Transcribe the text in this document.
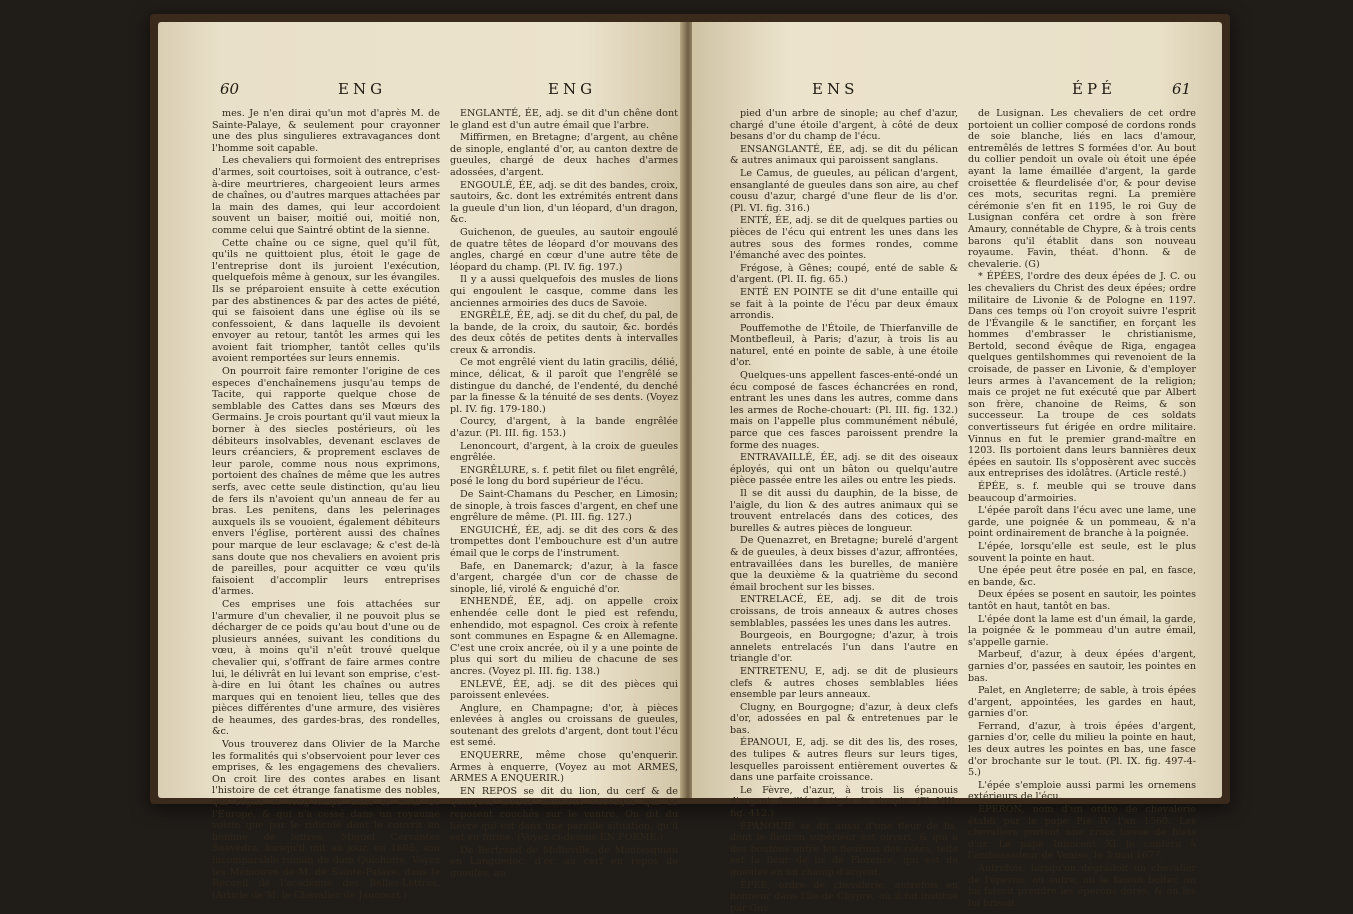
60	ENG	ENG

mes. Je n'en dirai qu'un mot d'après M. de Sainte-Palaye, & seulement pour crayonner une des plus singulieres extravagances dont l'homme soit capable.

Les chevaliers qui formoient des entreprises d'armes, soit courtoises, soit à outrance, c'est-à-dire meurtrieres, chargeoient leurs armes de chaînes, ou d'autres marques attachées par la main des dames, qui leur accordoient souvent un baiser, moitié oui, moitié non, comme celui que Saintré obtint de la sienne.

Cette chaîne ou ce signe, quel qu'il fût, qu'ils ne quittoient plus, étoit le gage de l'entreprise dont ils juroient l'exécution, quelquefois même à genoux, sur les évangiles. Ils se préparoient ensuite à cette exécution par des abstinences & par des actes de piété, qui se faisoient dans une église où ils se confessoient, & dans laquelle ils devoient envoyer au retour, tantôt les armes qui les avoient fait triompher, tantôt celles qu'ils avoient remportées sur leurs ennemis.

On pourroit faire remonter l'origine de ces especes d'enchaînemens jusqu'au temps de Tacite, qui rapporte quelque chose de semblable des Cattes dans ses Mœurs des Germains. Je crois pourtant qu'il vaut mieux la borner à des siecles postérieurs, où les débiteurs insolvables, devenant esclaves de leurs créanciers, & proprement esclaves de leur parole, comme nous nous exprimons, portoient des chaînes de même que les autres serfs, avec cette seule distinction, qu'au lieu de fers ils n'avoient qu'un anneau de fer au bras. Les penitens, dans les pelerinages auxquels ils se vouoient, également débiteurs envers l'église, portèrent aussi des chaînes pour marque de leur esclavage; & c'est de-là sans doute que nos chevaliers en avoient pris de pareilles, pour acquitter ce vœu qu'ils faisoient d'accomplir leurs entreprises d'armes.

Ces emprises une fois attachées sur l'armure d'un chevalier, il ne pouvoit plus se décharger de ce poids qu'au bout d'une ou de plusieurs années, suivant les conditions du vœu, à moins qu'il n'eût trouvé quelque chevalier qui, s'offrant de faire armes contre lui, le délivrât en lui levant son emprise, c'est-à-dire en lui ôtant les chaînes ou autres marques qui en tenoient lieu, telles que des pièces différentes d'une armure, des visières de heaumes, des gardes-bras, des rondelles, &c.

Vous trouverez dans Olivier de la Marche les formalités qui s'observoient pour lever ces emprises, & les engagemens des chevaliers. On croit lire des contes arabes en lisant l'histoire de cet étrange fanatisme des nobles, qui régna si long-temps dans le midi de l'Europe, & qui n'a cessé dans un royaume voisin que par le ridicule dont le couvrit un homme de lettres, Miguel Cervantes Saavedra, lorsqu'il mit au jour, en 1605, son incomparable roman de dom Quichotte. Voyez les Mémoires de M. de Sainte-Palaye, dans le Recueil de l'académie des Belles-Lettres. (Article de M. le Chevalier de Jaucourt.)

ENGLANTÉ, ÉE, adj. se dit d'un chêne dont le gland est d'un autre émail que l'arbre.

Miffirmen, en Bretagne; d'argent, au chêne de sinople, englanté d'or, au canton dextre de gueules, chargé de deux haches d'armes adossées, d'argent.

ENGOULÉ, ÉE, adj. se dit des bandes, croix, sautoirs, &c. dont les extrémités entrent dans la gueule d'un lion, d'un léopard, d'un dragon, &c.

Guichenon, de gueules, au sautoir engoulé de quatre têtes de léopard d'or mouvans des angles, chargé en cœur d'une autre tête de léopard du champ. (Pl. IV. fig. 197.)

Il y a aussi quelquefois des musles de lions qui engoulent le casque, comme dans les anciennes armoiries des ducs de Savoie.

ENGRÊLÉ, ÉE, adj. se dit du chef, du pal, de la bande, de la croix, du sautoir, &c. bordés des deux côtés de petites dents à intervalles creux & arrondis.

Ce mot engrêlé vient du latin gracilis, délié, mince, délicat, & il paroît que l'engrêlé se distingue du danché, de l'endenté, du denché par la finesse & la ténuité de ses dents. (Voyez pl. IV. fig. 179-180.)

Courcy, d'argent, à la bande engrêlée d'azur. (Pl. III. fig. 153.)

Lenoncourt, d'argent, à la croix de gueules engrêlée.

ENGRÊLURE, s. f. petit filet ou filet engrêlé, posé le long du bord supérieur de l'écu.

De Saint-Chamans du Pescher, en Limosin; de sinople, à trois fasces d'argent, en chef une engrêlure de même. (Pl. III. fig. 127.)

ENGUICHÉ, ÉE, adj. se dit des cors & des trompettes dont l'embouchure est d'un autre émail que le corps de l'instrument.

Bafe, en Danemarck; d'azur, à la fasce d'argent, chargée d'un cor de chasse de sinople, lié, virolé & enguiché d'or.

ENHENDÉ, ÉE, adj. on appelle croix enhendée celle dont le pied est refendu, enhendido, mot espagnol. Ces croix à refente sont communes en Espagne & en Allemagne. C'est une croix ancrée, où il y a une pointe de plus qui sort du milieu de chacune de ses ancres. (Voyez pl. III. fig. 138.)

ENLEVÉ, ÉE, adj. se dit des pièces qui paroissent enlevées.

Anglure, en Champagne; d'or, à pièces enlevées à angles ou croissans de gueules, soutenant des grelots d'argent, dont tout l'écu est semé.

ENQUERRE, même chose qu'enquerir. Armes à enquerre, (Voyez au mot ARMES, ARMES A ENQUERIR.)

EN REPOS se dit du lion, du cerf & de quelques autres animaux sauvages qui se reposent couchés sur le ventre. On dit du lièvre qui est dans une pareille situation, qu'il est en forme. (Voyez ci-dessus EN FORME.)

De Bertrand de Molleville, de Montesquieu en Languedoc; d'or, au cerf en repos de gueules, au

ENS	ÉPÉ	61

pied d'un arbre de sinople; au chef d'azur, chargé d'une étoile d'argent, à côté de deux besans d'or du champ de l'écu.

ENSANGLANTÉ, ÉE, adj. se dit du pélican & autres animaux qui paroissent sanglans.

Le Camus, de gueules, au pélican d'argent, ensanglanté de gueules dans son aire, au chef cousu d'azur, chargé d'une fleur de lis d'or. (Pl. VI. fig. 316.)

ENTÉ, ÉE, adj. se dit de quelques parties ou pièces de l'écu qui entrent les unes dans les autres sous des formes rondes, comme l'émanché avec des pointes.

Frégose, à Gênes; coupé, enté de sable & d'argent. (Pl. II. fig. 65.)

ENTÉ EN POINTE se dit d'une entaille qui se fait à la pointe de l'écu par deux émaux arrondis.

Pouffemothe de l'Étoile, de Thierfanville de Montbefleuil, à Paris; d'azur, à trois lis au naturel, enté en pointe de sable, à une étoile d'or.

Quelques-uns appellent fasces-enté-ondé un écu composé de fasces échancrées en rond, entrant les unes dans les autres, comme dans les armes de Roche-chouart: (Pl. III. fig. 132.) mais on l'appelle plus communément nébulé, parce que ces fasces paroissent prendre la forme des nuages.

ENTRAVAILLÉ, ÉE, adj. se dit des oiseaux éployés, qui ont un bâton ou quelqu'autre pièce passée entre les ailes ou entre les pieds.

Il se dit aussi du dauphin, de la bisse, de l'aigle, du lion & des autres animaux qui se trouvent entrelacés dans des cotices, des burelles & autres pièces de longueur.

De Quenazret, en Bretagne; burelé d'argent & de gueules, à deux bisses d'azur, affrontées, entravaillées dans les burelles, de manière que la deuxième & la quatrième du second émail brochent sur les bisses.

ENTRELACÉ, ÉE, adj. se dit de trois croissans, de trois anneaux & autres choses semblables, passées les unes dans les autres.

Bourgeois, en Bourgogne; d'azur, à trois annelets entrelacés l'un dans l'autre en triangle d'or.

ENTRETENU, E, adj. se dit de plusieurs clefs & autres choses semblables liées ensemble par leurs anneaux.

Clugny, en Bourgogne; d'azur, à deux clefs d'or, adossées en pal & entretenues par le bas.

ÉPANOUI, E, adj. se dit des lis, des roses, des tulipes & autres fleurs sur leurs tiges, lesquelles paroissent entièrement ouvertes & dans une parfaite croissance.

Le Fèvre, d'azur, à trois lis épanouis d'argent, feuillés & tigés de sinople. (Pl. VIII. fig. 412.)

ÉPANOUIE se dit aussi d'une fleur de lis, dont le fleuron supérieur est ouvert, & qui a des boutons entre les fleurons des côtés, telle est la fleur de lis de Florence, qui est de gueules en un champ d'argent.

ÉPÉE, ordre de chevalerie, autrefois en honneur dans l'île de Chypre, où il fut institué par Guy

de Lusignan. Les chevaliers de cet ordre portoient un collier composé de cordons ronds de soie blanche, liés en lacs d'amour, entremêlés de lettres S formées d'or. Au bout du collier pendoit un ovale où étoit une épée ayant la lame émaillée d'argent, la garde croisettée & fleurdelisée d'or, & pour devise ces mots, securitas regni. La première cérémonie s'en fit en 1195, le roi Guy de Lusignan conféra cet ordre à son frère Amaury, connétable de Chypre, & à trois cents barons qu'il établit dans son nouveau royaume. Favin, théat. d'honn. & de chevalerie. (G)

* ÉPÉES, l'ordre des deux épées de J. C. ou les chevaliers du Christ des deux épées; ordre militaire de Livonie & de Pologne en 1197. Dans ces temps où l'on croyoit suivre l'esprit de l'Évangile & le sanctifier, en forçant les hommes d'embrasser le christianisme, Bertold, second évêque de Riga, engagea quelques gentilshommes qui revenoient de la croisade, de passer en Livonie, & d'employer leurs armes à l'avancement de la religion; mais ce projet ne fut exécuté que par Albert son frère, chanoine de Reims, & son successeur. La troupe de ces soldats convertisseurs fut érigée en ordre militaire. Vinnus en fut le premier grand-maître en 1203. Ils portoient dans leurs bannières deux épées en sautoir. Ils s'opposèrent avec succès aux entreprises des idolâtres. (Article resté.)

ÉPÉE, s. f. meuble qui se trouve dans beaucoup d'armoiries.

L'épée paroît dans l'écu avec une lame, une garde, une poignée & un pommeau, & n'a point ordinairement de branche à la poignée.

L'épée, lorsqu'elle est seule, est le plus souvent la pointe en haut.

Une épée peut être posée en pal, en fasce, en bande, &c.

Deux épées se posent en sautoir, les pointes tantôt en haut, tantôt en bas.

L'épée dont la lame est d'un émail, la garde, la poignée & le pommeau d'un autre émail, s'appelle garnie.

Marbeuf, d'azur, à deux épées d'argent, garnies d'or, passées en sautoir, les pointes en bas.

Palet, en Angleterre; de sable, à trois épées d'argent, appointées, les gardes en haut, garnies d'or.

Ferrand, d'azur, à trois épées d'argent, garnies d'or, celle du milieu la pointe en haut, les deux autres les pointes en bas, une fasce d'or brochante sur le tout. (Pl. IX. fig. 497-4-5.)

L'épée s'emploie aussi parmi les ornemens extérieurs de l'écu.

ÉPERON, nom d'un ordre de chevalerie établi par le pape Pie IV l'an 1560. Les chevaliers portent une croix tissue de filets d'or. Le pape Innocent XI le conféra à l'ambassadeur de Venise, le 3 mai 1677.

Autrefois, lorsqu'on dégradoit un chevalier de l'éperon, ou autre, ou le faisoit boîter, on lui faisoit prendre les éperons dorés, & on les lui brisoit
